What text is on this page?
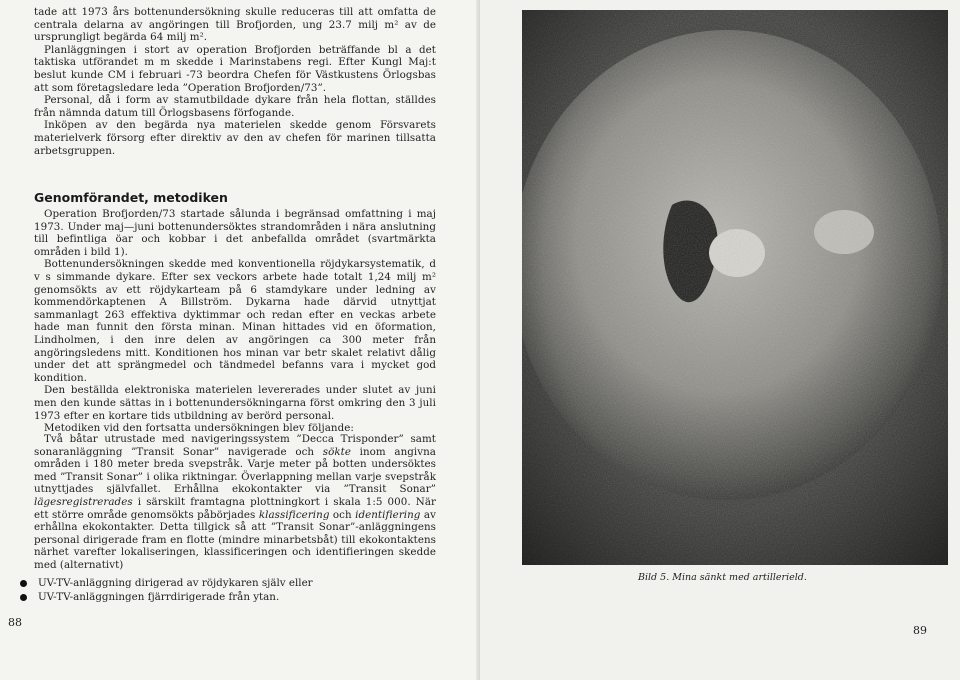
tade att 1973 års bottenundersökning skulle reduceras till att omfatta de centrala delarna av angöringen till Brofjorden, ung 23.7 milj m² av de ursprungligt begärda 64 milj m².

Planläggningen i stort av operation Brofjorden beträffande bl a det taktiska utförandet m m skedde i Marinstabens regi. Efter Kungl Maj:t beslut kunde CM i februari -73 beordra Chefen för Västkustens Örlogsbas att som företagsledare leda ”Operation Brofjorden/73”.

Personal, då i form av stamutbildade dykare från hela flottan, ställdes från nämnda datum till Örlogsbasens förfogande.

Inköpen av den begärda nya materielen skedde genom Försvarets materielverk försorg efter direktiv av den av chefen för marinen tillsatta arbetsgruppen.

Genomförandet, metodiken

Operation Brofjorden/73 startade sålunda i begränsad omfattning i maj 1973. Under maj—juni bottenundersöktes strandområden i nära anslutning till befintliga öar och kobbar i det anbefallda området (svartmärkta områden i bild 1).

Bottenundersökningen skedde med konventionella röjdykarsystematik, d v s simmande dykare. Efter sex veckors arbete hade totalt 1,24 milj m² genomsökts av ett röjdykarteam på 6 stamdykare under ledning av kommendörkaptenen A Billström. Dykarna hade därvid utnyttjat sammanlagt 263 effektiva dyktimmar och redan efter en veckas arbete hade man funnit den första minan. Minan hittades vid en öformation, Lindholmen, i den inre delen av angöringen ca 300 meter från angöringsledens mitt. Konditionen hos minan var betr skalet relativt dålig under det att sprängmedel och tändmedel befanns vara i mycket god kondition.

Den beställda elektroniska materielen levererades under slutet av juni men den kunde sättas in i bottenundersökningarna först omkring den 3 juli 1973 efter en kortare tids utbildning av berörd personal.

Metodiken vid den fortsatta undersökningen blev följande:

Två båtar utrustade med navigeringssystem ”Decca Trisponder” samt sonaranläggning ”Transit Sonar” navigerade och sökte inom angivna områden i 180 meter breda svepstråk. Varje meter på botten undersöktes med ”Transit Sonar” i olika riktningar. Överlappning mellan varje svepstråk utnyttjades självfallet. Erhållna ekokontakter via ”Transit Sonar” lägesregistrerades i särskilt framtagna plottningkort i skala 1:5 000. När ett större område genomsökts påbörjades klassificering och identifiering av erhållna ekokontakter. Detta tillgick så att ”Transit Sonar”-anläggningens personal dirigerade fram en flotte (mindre minarbetsbåt) till ekokontaktens närhet varefter lokaliseringen, klassificeringen och identifieringen skedde med (alternativt)

UV-TV-anläggning dirigerad av röjdykaren själv eller
UV-TV-anläggningen fjärrdirigerade från ytan.
88
Bild 5. Mina sänkt med artillerield.
89
